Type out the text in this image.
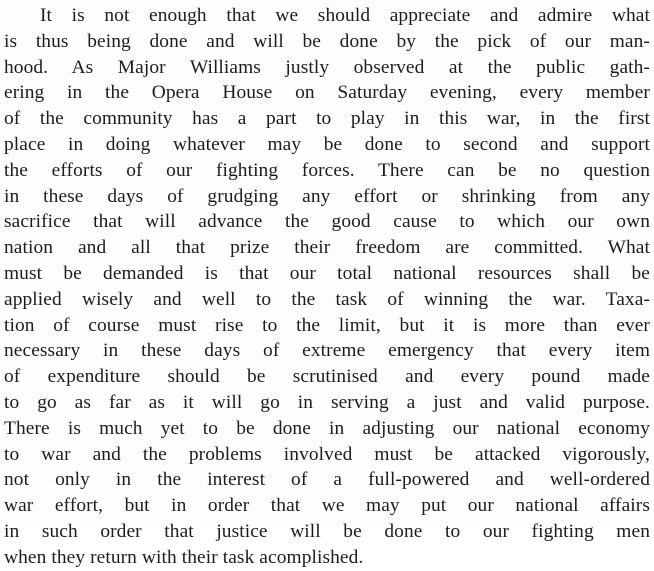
It is not enough that we should appreciate and admire what
is thus being done and will be done by the pick of our man-
hood. As Major Williams justly observed at the public gath-
ering in the Opera House on Saturday evening, every member
of the community has a part to play in this war, in the first
place in doing whatever may be done to second and support
the efforts of our fighting forces. There can be no question
in these days of grudging any effort or shrinking from any
sacrifice that will advance the good cause to which our own
nation and all that prize their freedom are committed. What
must be demanded is that our total national resources shall be
applied wisely and well to the task of winning the war. Taxa-
tion of course must rise to the limit, but it is more than ever
necessary in these days of extreme emergency that every item
of expenditure should be scrutinised and every pound made
to go as far as it will go in serving a just and valid purpose.
There is much yet to be done in adjusting our national economy
to war and the problems involved must be attacked vigorously,
not only in the interest of a full-powered and well-ordered
war effort, but in order that we may put our national affairs
in such order that justice will be done to our fighting men
when they return with their task acomplished.
